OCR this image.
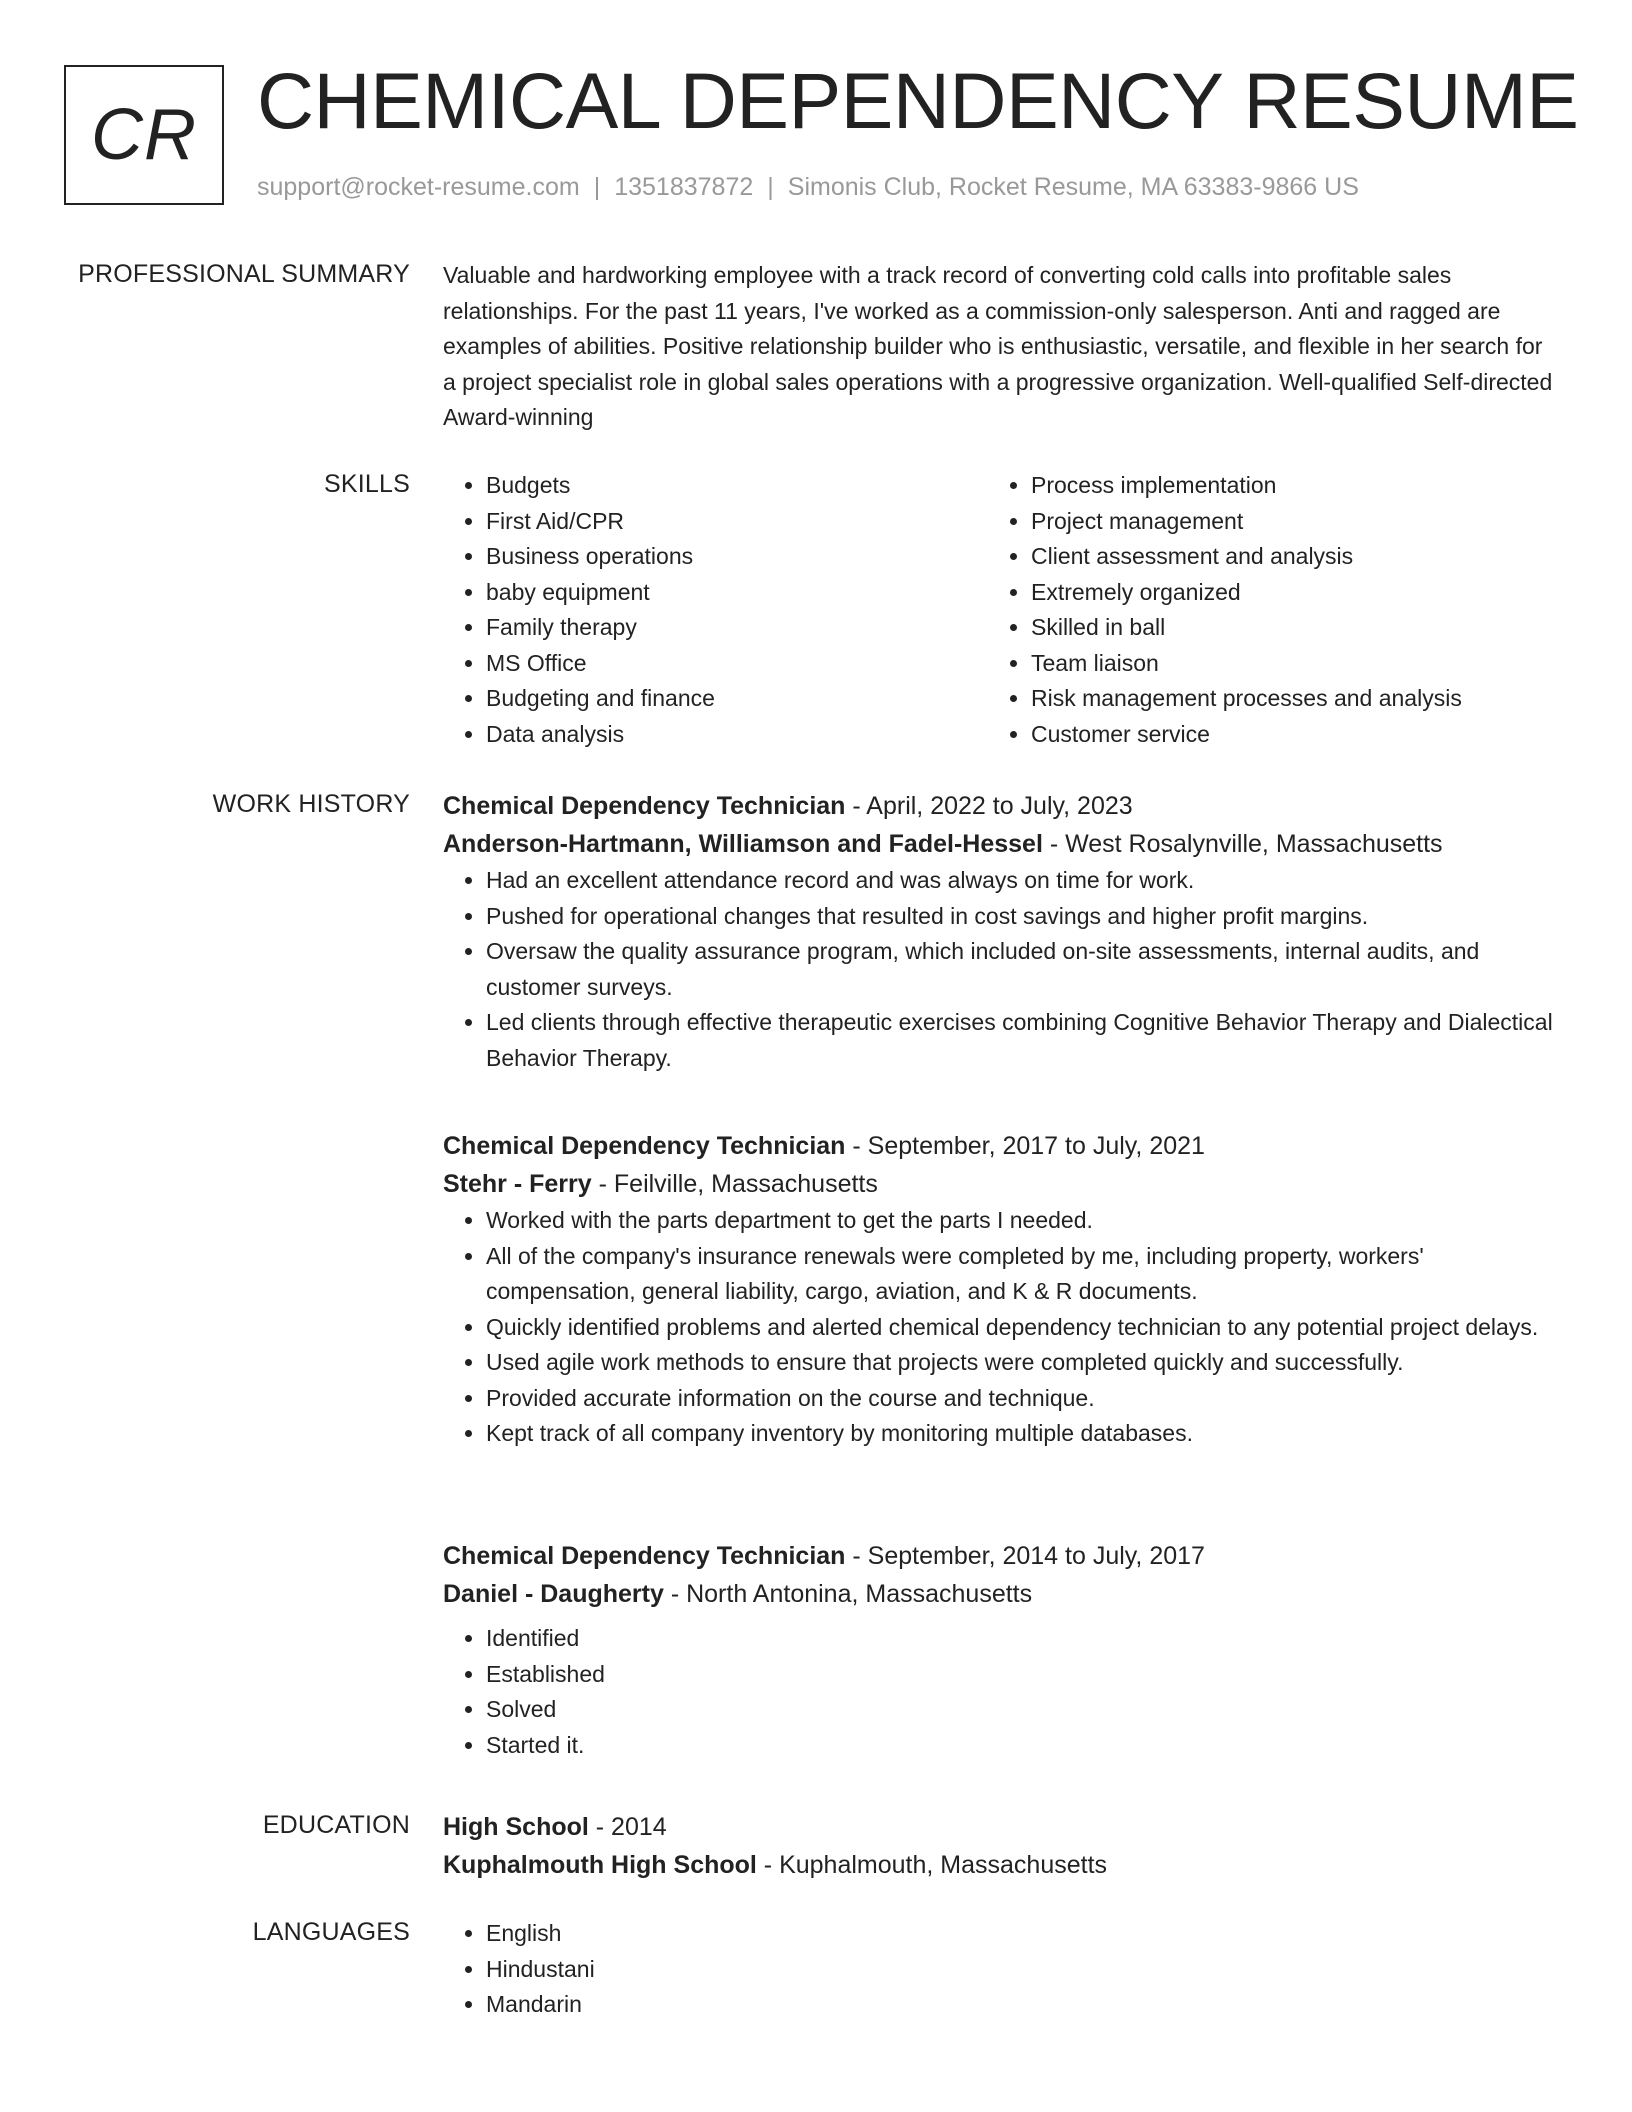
CR CHEMICAL DEPENDENCY RESUME
support@rocket-resume.com | 1351837872 | Simonis Club, Rocket Resume, MA 63383-9866 US
PROFESSIONAL SUMMARY Valuable and hardworking employee with a track record of converting cold calls into profitable sales relationships. For the past 11 years, I've worked as a commission-only salesperson. Anti and ragged are examples of abilities. Positive relationship builder who is enthusiastic, versatile, and flexible in her search for a project specialist role in global sales operations with a progressive organization. Well-qualified Self-directed Award-winning

SKILLS	• Budgets
• First Aid/CPR
• Business operations
• baby equipment
• Family therapy
• MS Office
• Budgeting and finance
• Data analysis
• Process implementation
• Project management
• Client assessment and analysis
• Extremely organized
• Skilled in ball
• Team liaison
• Risk management processes and analysis
• Customer service
WORK HISTORY Chemical Dependency Technician - April, 2022 to July, 2023
Anderson-Hartmann, Williamson and Fadel-Hessel - West Rosalynville, Massachusetts
• Had an excellent attendance record and was always on time for work.
• Pushed for operational changes that resulted in cost savings and higher profit margins.
• Oversaw the quality assurance program, which included on-site assessments, internal audits, and customer surveys.
• Led clients through effective therapeutic exercises combining Cognitive Behavior Therapy and Dialectical Behavior Therapy.
Chemical Dependency Technician - September, 2017 to July, 2021
Stehr - Ferry - Feilville, Massachusetts
• Worked with the parts department to get the parts I needed.
• All of the company's insurance renewals were completed by me, including property, workers' compensation, general liability, cargo, aviation, and K & R documents.
• Quickly identified problems and alerted chemical dependency technician to any potential project delays.
• Used agile work methods to ensure that projects were completed quickly and successfully.
• Provided accurate information on the course and technique.
• Kept track of all company inventory by monitoring multiple databases.
Chemical Dependency Technician - September, 2014 to July, 2017
Daniel - Daugherty - North Antonina, Massachusetts
• Identified
• Established
• Solved
• Started it.
EDUCATION High School - 2014
Kuphalmouth High School - Kuphalmouth, Massachusetts
LANGUAGES	• English
• Hindustani
• Mandarin
